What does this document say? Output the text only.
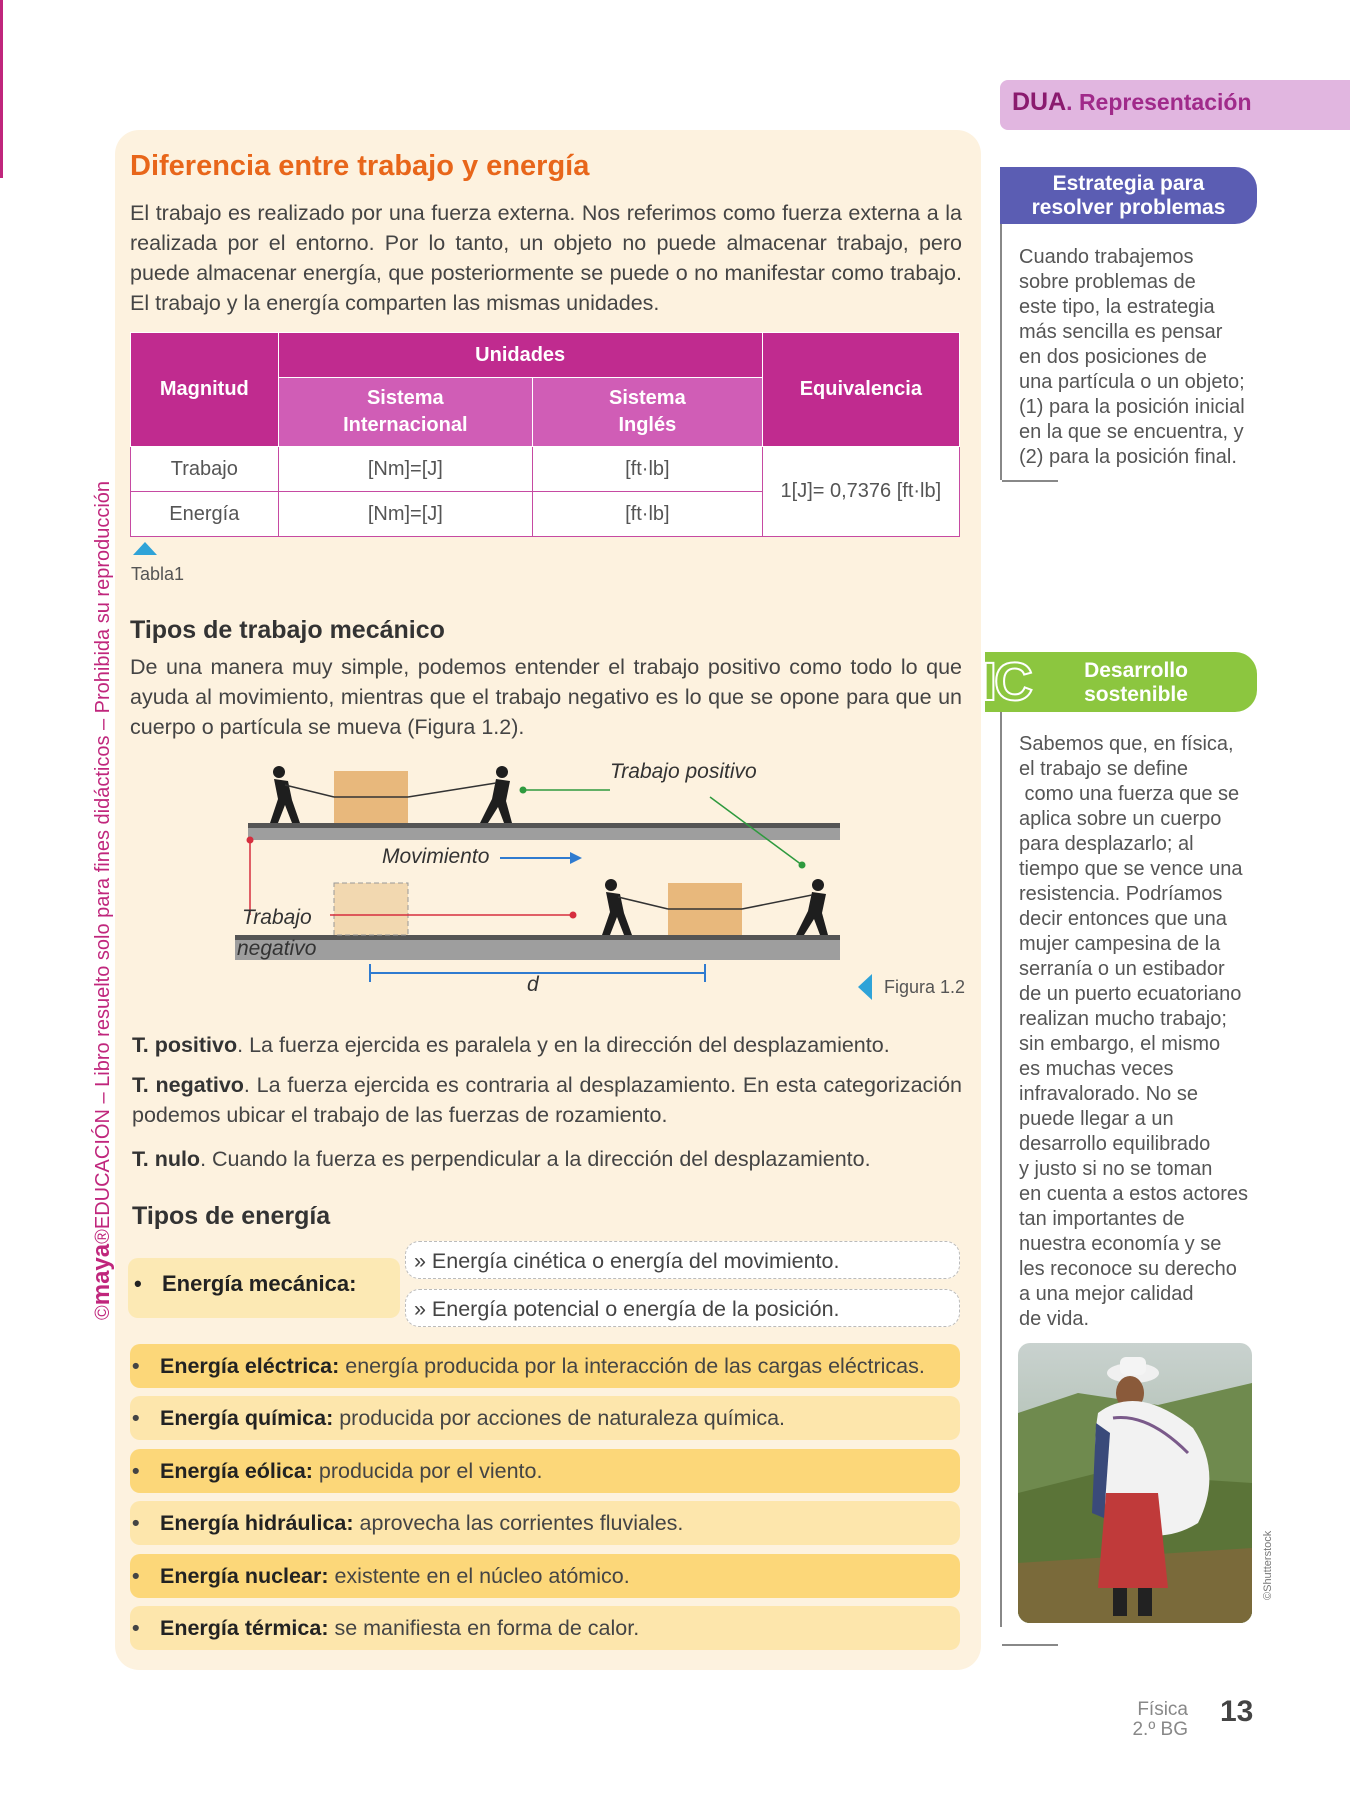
©maya®EDUCACIÓN – Libro resuelto solo para fines didácticos – Prohibida su reproducción
Diferencia entre trabajo y energía
El trabajo es realizado por una fuerza externa. Nos referimos como fuerza externa a la realizada por el entorno. Por lo tanto, un objeto no puede almacenar trabajo, pero puede almacenar energía, que posteriormente se puede o no manifestar como trabajo. El trabajo y la energía comparten las mismas unidades.
Magnitud	Unidades		Equivalencia
	Sistema Internacional	Sistema Inglés	
Trabajo	[Nm]=[J]	[ft·lb]	1[J]= 0,7376 [ft·lb]
Energía	[Nm]=[J]	[ft·lb]	
Tabla1
Tipos de trabajo mecánico
De una manera muy simple, podemos entender el trabajo positivo como todo lo que ayuda al movimiento, mientras que el trabajo negativo es lo que se opone para que un cuerpo o partícula se mueva (Figura 1.2).
Trabajo positivo
Movimiento
Trabajo
negativo
d	Figura 1.2
T. positivo. La fuerza ejercida es paralela y en la dirección del desplazamiento.
T. negativo. La fuerza ejercida es contraria al desplazamiento. En esta categorización podemos ubicar el trabajo de las fuerzas de rozamiento.
T. nulo. Cuando la fuerza es perpendicular a la dirección del desplazamiento.
Tipos de energía
• Energía mecánica:
» Energía cinética o energía del movimiento.
» Energía potencial o energía de la posición.
• Energía eléctrica: energía producida por la interacción de las cargas eléctricas.
• Energía química: producida por acciones de naturaleza química.
• Energía eólica: producida por el viento.
• Energía hidráulica: aprovecha las corrientes fluviales.
• Energía nuclear: existente en el núcleo atómico.
• Energía térmica: se manifiesta en forma de calor.
DUA. Representación
Estrategia para
resolver problemas
Cuando trabajemos
sobre problemas de
este tipo, la estrategia
más sencilla es pensar
en dos posiciones de
una partícula o un objeto;
(1) para la posición inicial
en la que se encuentra, y
(2) para la posición final.
Desarrollo
sostenible
IC
Sabemos que, en física,
el trabajo se define
como una fuerza que se
aplica sobre un cuerpo
para desplazarlo; al
tiempo que se vence una
resistencia. Podríamos
decir entonces que una
mujer campesina de la
serranía o un estibador
de un puerto ecuatoriano
realizan mucho trabajo;
sin embargo, el mismo
es muchas veces
infravalorado. No se
puede llegar a un
desarrollo equilibrado
y justo si no se toman
en cuenta a estos actores
tan importantes de
nuestra economía y se
les reconoce su derecho
a una mejor calidad
de vida.
©Shutterstock
Física
2.º BG
13
